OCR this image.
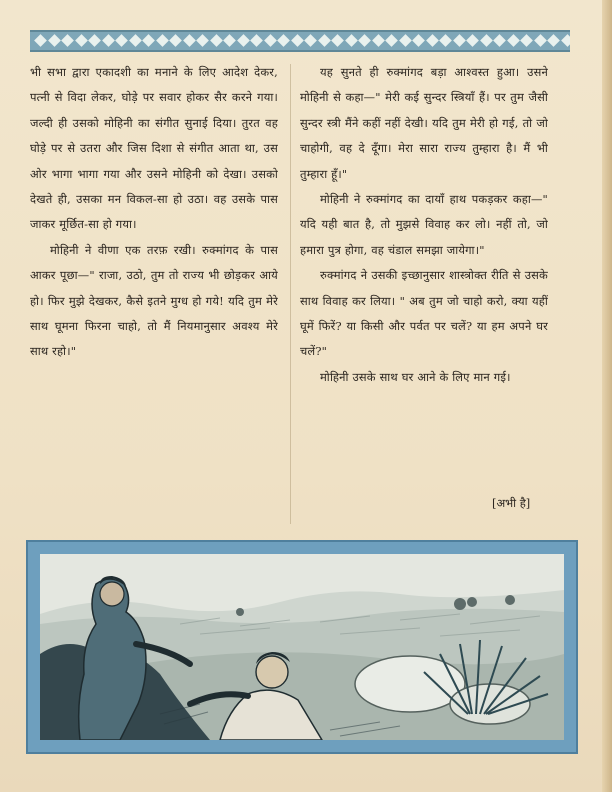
भी सभा द्वारा एकादशी का मनाने के लिए आदेश देकर, पत्नी से विदा लेकर, घोड़े पर सवार होकर सैर करने गया। जल्दी ही उसको मोहिनी का संगीत सुनाई दिया। तुरत वह घोड़े पर से उतरा और जिस दिशा से संगीत आता था, उस ओर भागा भागा गया और उसने मोहिनी को देखा। उसको देखते ही, उसका मन विकल-सा हो उठा। वह उसके पास जाकर मूर्छित-सा हो गया।

मोहिनी ने वीणा एक तरफ़ रखी। रुक्मांगद के पास आकर पूछा—" राजा, उठो, तुम तो राज्य भी छोड़कर आये हो। फिर मुझे देखकर, कैसे इतने मुग्ध हो गये! यदि तुम मेरे साथ घूमना फिरना चाहो, तो मैं नियमानुसार अवश्य मेरे साथ रहो।"

यह सुनते ही रुक्मांगद बड़ा आश्वस्त हुआ। उसने मोहिनी से कहा—" मेरी कई सुन्दर स्त्रियाँ हैं। पर तुम जैसी सुन्दर स्त्री मैंने कहीं नहीं देखी। यदि तुम मेरी हो गई, तो जो चाहोगी, वह दे दूँगा। मेरा सारा राज्य तुम्हारा है। मैं भी तुम्हारा हूँ।"

मोहिनी ने रुक्मांगद का दायाँ हाथ पकड़कर कहा—" यदि यही बात है, तो मुझसे विवाह कर लो। नहीं तो, जो हमारा पुत्र होगा, वह चंडाल समझा जायेगा।"

रुक्मांगद ने उसकी इच्छानुसार शास्त्रोक्त रीति से उसके साथ विवाह कर लिया। " अब तुम जो चाहो करो, क्या यहीं घूमें फिरें? या किसी और पर्वत पर चलें? या हम अपने घर चलें?"

मोहिनी उसके साथ घर आने के लिए मान गई।

[अभी है]
